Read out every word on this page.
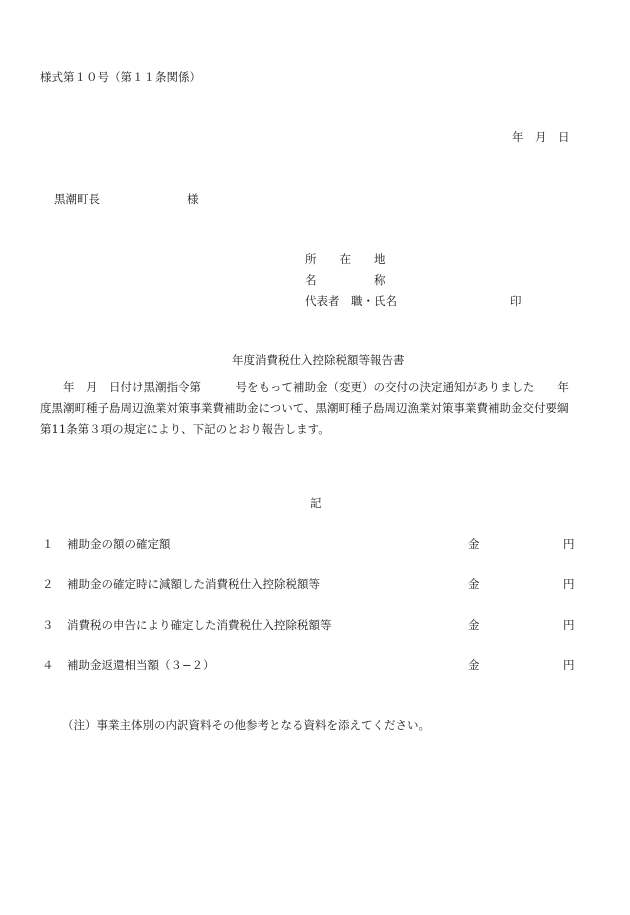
様式第１０号（第１１条関係）
年　月　日
黒潮町長	様
所　　在　　地
名　　　　　称
代表者　職・氏名	印
年度消費税仕入控除税額等報告書

　　年　月　日付け黒潮指令第　　　号をもって補助金（変更）の交付の決定通知がありました　　年

度黒潮町種子島周辺漁業対策事業費補助金について、黒潮町種子島周辺漁業対策事業費補助金交付要綱

第11条第３項の規定により、下記のとおり報告します。

記
１ 補助金の額の確定額	金	円
２ 補助金の確定時に減額した消費税仕入控除税額等	金	円
３ 消費税の申告により確定した消費税仕入控除税額等	金	円
４ 補助金返還相当額（３−２）	金	円
（注）事業主体別の内訳資料その他参考となる資料を添えてください。
